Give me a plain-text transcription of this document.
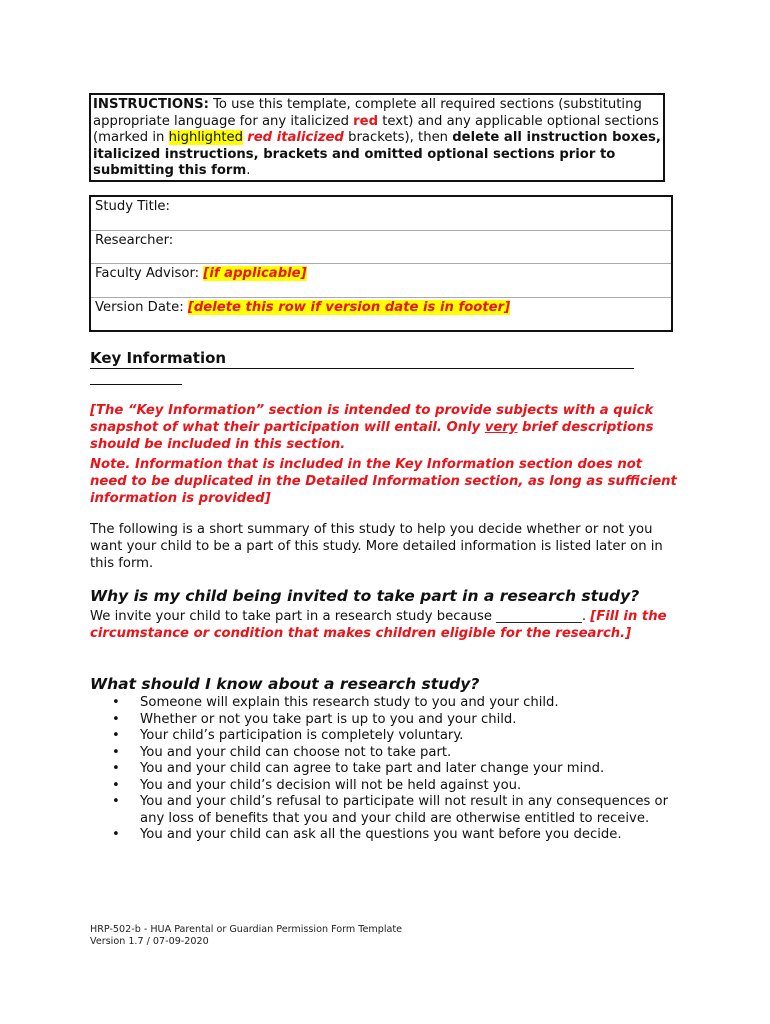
INSTRUCTIONS: To use this template, complete all required sections (substituting appropriate language for any italicized red text) and any applicable optional sections (marked in highlighted red italicized brackets), then delete all instruction boxes, italicized instructions, brackets and omitted optional sections prior to submitting this form.
Study Title:
Researcher:
Faculty Advisor: [if applicable]
Version Date: [delete this row if version date is in footer]
Key Information
[The “Key Information” section is intended to provide subjects with a quick snapshot of what their participation will entail. Only very brief descriptions should be included in this section.
Note. Information that is included in the Key Information section does not need to be duplicated in the Detailed Information section, as long as sufficient information is provided]
The following is a short summary of this study to help you decide whether or not you want your child to be a part of this study. More detailed information is listed later on in this form.
Why is my child being invited to take part in a research study?
We invite your child to take part in a research study because _____________. [Fill in the circumstance or condition that makes children eligible for the research.]
What should I know about a research study?
• Someone will explain this research study to you and your child.
• Whether or not you take part is up to you and your child.
• Your child’s participation is completely voluntary.
• You and your child can choose not to take part.
• You and your child can agree to take part and later change your mind.
• You and your child’s decision will not be held against you.
• You and your child’s refusal to participate will not result in any consequences or any loss of benefits that you and your child are otherwise entitled to receive.
• You and your child can ask all the questions you want before you decide.
HRP-502-b - HUA Parental or Guardian Permission Form Template
Version 1.7 / 07-09-2020
